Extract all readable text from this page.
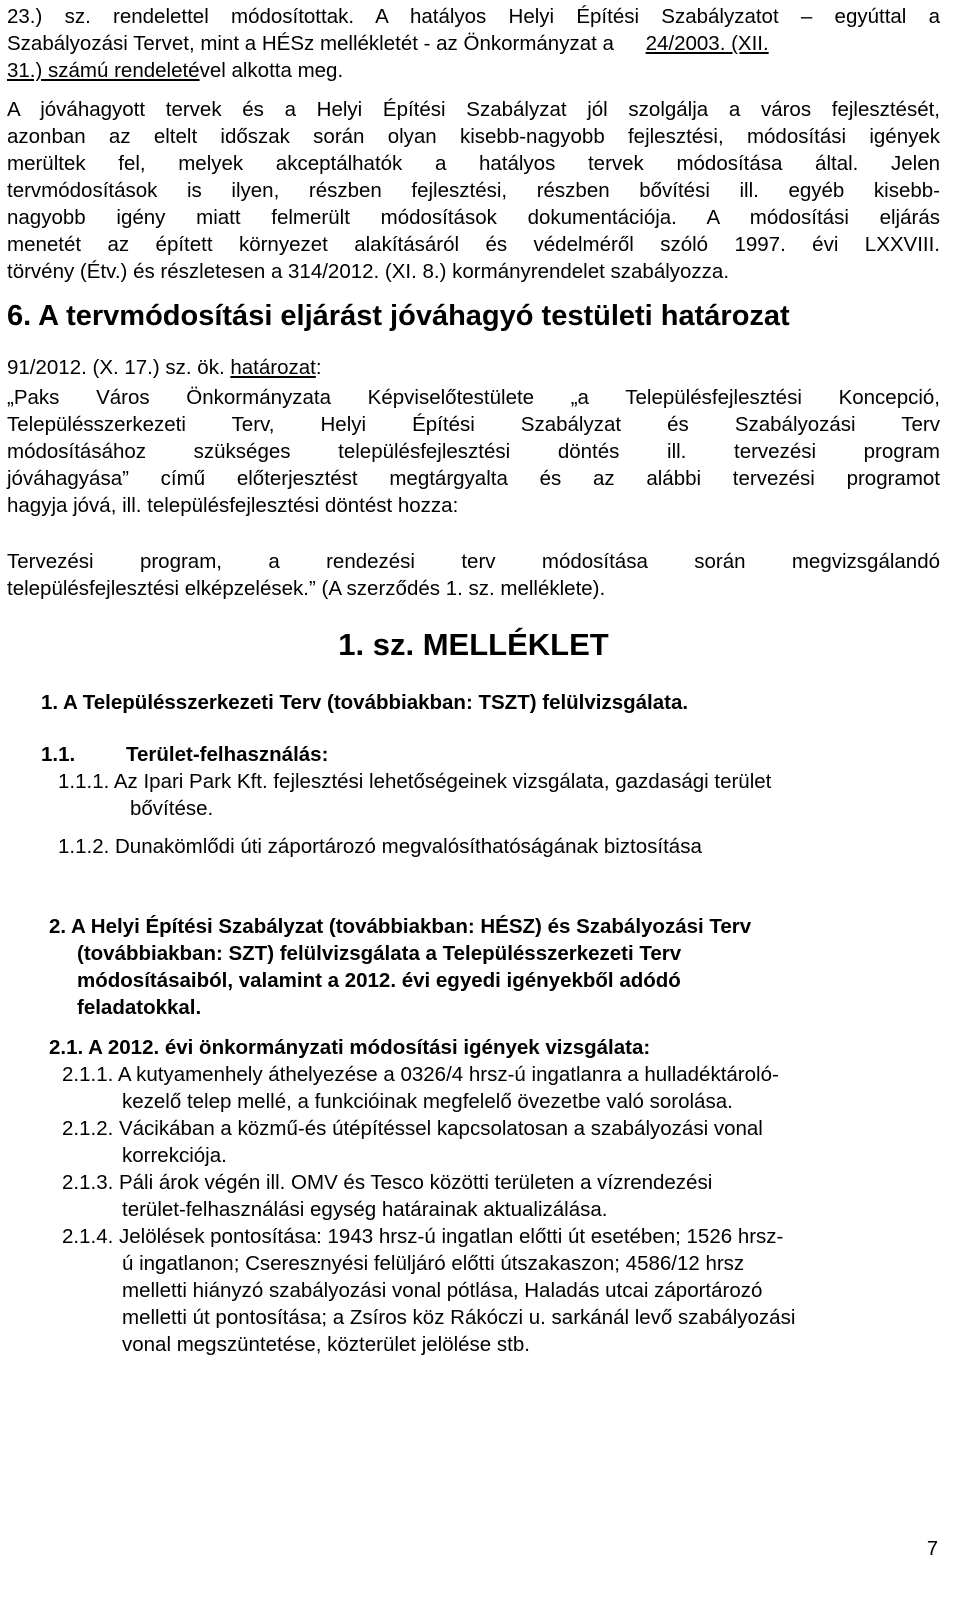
23.) sz. rendelettel módosítottak. A hatályos Helyi Építési Szabályzatot – egyúttal a
Szabályozási Tervet, mint a HÉSz mellékletét - az Önkormányzat a 24/2003. (XII.
31.) számú rendeletével alkotta meg.
A jóváhagyott tervek és a Helyi Építési Szabályzat jól szolgálja a város fejlesztését,
azonban az eltelt időszak során olyan kisebb-nagyobb fejlesztési, módosítási igények
merültek fel, melyek akceptálhatók a hatályos tervek módosítása által. Jelen
tervmódosítások is ilyen, részben fejlesztési, részben bővítési ill. egyéb kisebb-
nagyobb igény miatt felmerült módosítások dokumentációja. A módosítási eljárás
menetét az épített környezet alakításáról és védelméről szóló 1997. évi LXXVIII.
törvény (Étv.) és részletesen a 314/2012. (XI. 8.) kormányrendelet szabályozza.
6. A tervmódosítási eljárást jóváhagyó testületi határozat
91/2012. (X. 17.) sz. ök. határozat:
„Paks Város Önkormányzata Képviselőtestülete „a Településfejlesztési Koncepció,
Településszerkezeti Terv, Helyi Építési Szabályzat és Szabályozási Terv
módosításához szükséges településfejlesztési döntés ill. tervezési program
jóváhagyása” című előterjesztést megtárgyalta és az alábbi tervezési programot
hagyja jóvá, ill. településfejlesztési döntést hozza:
Tervezési program, a rendezési terv módosítása során megvizsgálandó
településfejlesztési elképzelések.” (A szerződés 1. sz. melléklete).
1. sz. MELLÉKLET
1. A Településszerkezeti Terv (továbbiakban: TSZT) felülvizsgálata.
1.1. Terület-felhasználás:
1.1.1. Az Ipari Park Kft. fejlesztési lehetőségeinek vizsgálata, gazdasági terület
bővítése.
1.1.2. Dunakömlődi úti záportározó megvalósíthatóságának biztosítása
2. A Helyi Építési Szabályzat (továbbiakban: HÉSZ) és Szabályozási Terv
(továbbiakban: SZT) felülvizsgálata a Településszerkezeti Terv
módosításaiból, valamint a 2012. évi egyedi igényekből adódó
feladatokkal.
2.1. A 2012. évi önkormányzati módosítási igények vizsgálata:
2.1.1. A kutyamenhely áthelyezése a 0326/4 hrsz-ú ingatlanra a hulladéktároló-
kezelő telep mellé, a funkcióinak megfelelő övezetbe való sorolása.
2.1.2. Vácikában a közmű-és útépítéssel kapcsolatosan a szabályozási vonal
korrekciója.
2.1.3. Páli árok végén ill. OMV és Tesco közötti területen a vízrendezési
terület-felhasználási egység határainak aktualizálása.
2.1.4. Jelölések pontosítása: 1943 hrsz-ú ingatlan előtti út esetében; 1526 hrsz-
ú ingatlanon; Cseresznyési felüljáró előtti útszakaszon; 4586/12 hrsz
melletti hiányzó szabályozási vonal pótlása, Haladás utcai záportározó
melletti út pontosítása; a Zsíros köz Rákóczi u. sarkánál levő szabályozási
vonal megszüntetése, közterület jelölése stb.
7
